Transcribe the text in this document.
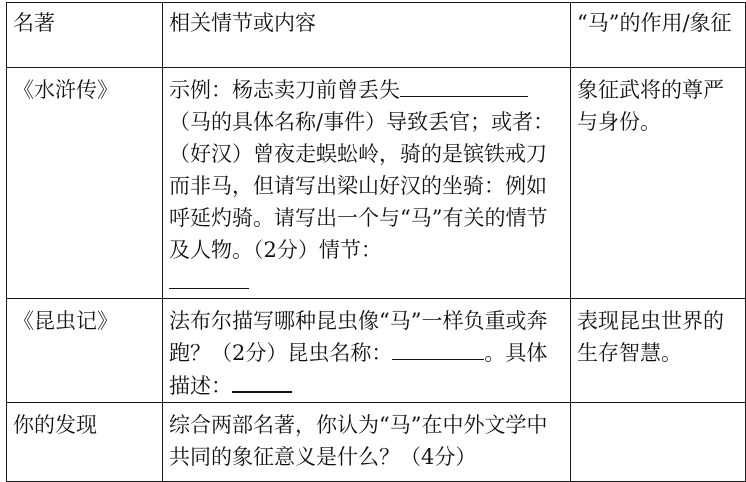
名著	相关情节或内容	“马”的作用/象征
《水浒传》	示例：杨志卖刀前曾丢失（马的具体名称/事件）导致丢官；或者：（好汉）曾夜走蜈蚣岭，骑的是镔铁戒刀而非马，但请写出梁山好汉的坐骑：例如呼延灼骑。请写出一个与“马”有关的情节及人物。（2分）情节：	象征武将的尊严与身份。
《昆虫记》	法布尔描写哪种昆虫像“马”一样负重或奔跑？（2分）昆虫名称： 。具体描述：	表现昆虫世界的生存智慧。
你的发现	综合两部名著，你认为“马”在中外文学中共同的象征意义是什么？（4分）	
